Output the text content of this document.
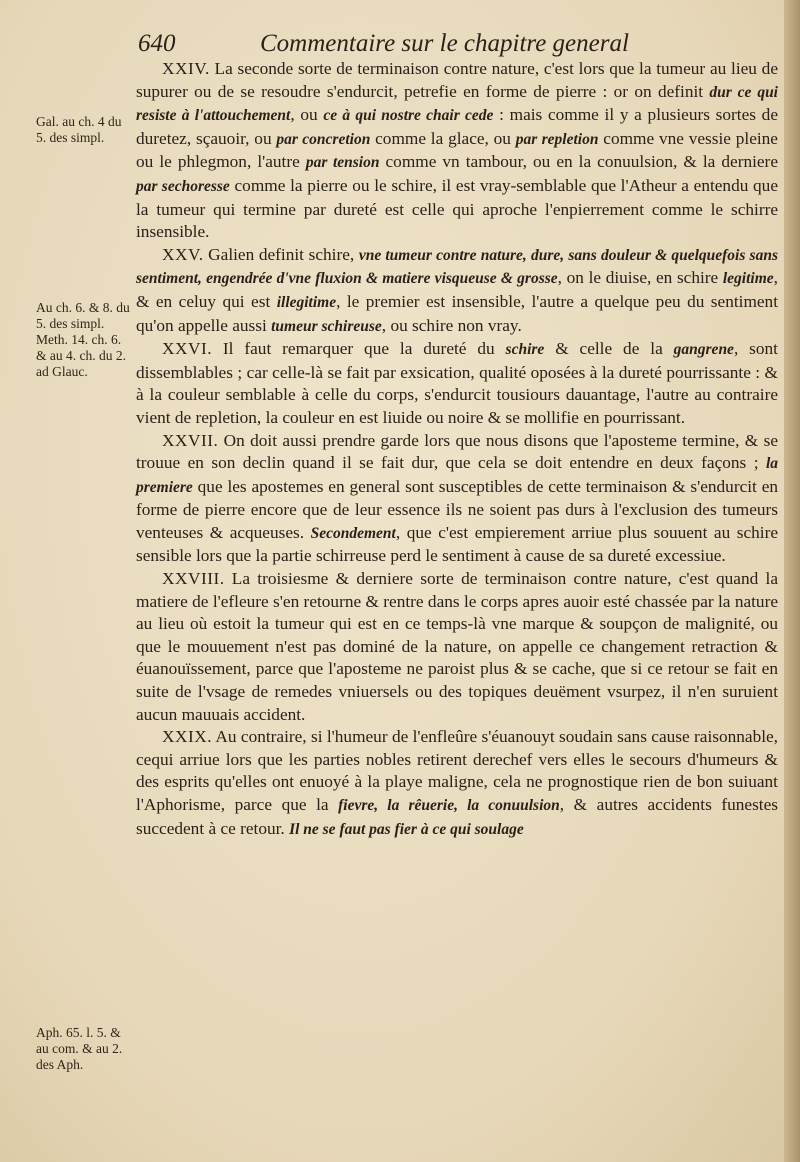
640	Commentaire sur le chapitre general
Gal. au ch. 4 du 5. des simpl.
Au ch. 6. & 8. du 5. des simpl. Meth. 14. ch. 6. & au 4. ch. du 2. ad Glauc.
Aph. 65. l. 5. & au com. & au 2. des Aph.

XXIV. La seconde sorte de terminaison contre nature, c'est lors que la tumeur au lieu de supurer ou de se resoudre s'endurcit, petrefie en forme de pierre : or on definit dur ce qui resiste à l'attouchement, ou ce à qui nostre chair cede : mais comme il y a plusieurs sortes de duretez, sçauoir, ou par concretion comme la glace, ou par repletion comme vne vessie pleine ou le phlegmon, l'autre par tension comme vn tambour, ou en la conuulsion, & la derniere par sechoresse comme la pierre ou le schire, il est vray-semblable que l'Atheur a entendu que la tumeur qui termine par dureté est celle qui aproche l'enpierrement comme le schirre insensible.

XXV. Galien definit schire, vne tumeur contre nature, dure, sans douleur & quelquefois sans sentiment, engendrée d'vne fluxion & matiere visqueuse & grosse, on le diuise, en schire legitime, & en celuy qui est illegitime, le premier est insensible, l'autre a quelque peu du sentiment qu'on appelle aussi tumeur schireuse, ou schire non vray.

XXVI. Il faut remarquer que la dureté du schire & celle de la gangrene, sont dissemblables ; car celle-là se fait par exsication, qualité oposées à la dureté pourrissante : & à la couleur semblable à celle du corps, s'endurcit tousiours dauantage, l'autre au contraire vient de repletion, la couleur en est liuide ou noire & se mollifie en pourrissant.

XXVII. On doit aussi prendre garde lors que nous disons que l'apostеme termine, & se trouue en son declin quand il se fait dur, que cela se doit entendre en deux façons ; la premiere que les apostemes en general sont susceptibles de cette terminaison & s'endurcit en forme de pierre encore que de leur essence ils ne soient pas durs à l'exclusion des tumeurs venteuses & acqueuses. Secondement, que c'est empierement arriue plus souuent au schire sensible lors que la partie schirreuse perd le sentiment à cause de sa dureté excessiue.

XXVIII. La troisiesme & derniere sorte de terminaison contre nature, c'est quand la matiere de l'efleure s'en retourne & rentre dans le corps apres auoir esté chassée par la nature au lieu où estoit la tumeur qui est en ce temps-là vne marque & soupçon de malignité, ou que le mouuement n'est pas dominé de la nature, on appelle ce changement retraction & éuanouïssement, parce que l'aposteme ne paroist plus & se cache, que si ce retour se fait en suite de l'vsage de remedes vniuersels ou des topiques deuëment vsurpez, il n'en suruient aucun mauuais accident.

XXIX. Au contraire, si l'humeur de l'enfleûre s'éuanouyt soudain sans cause raisonnable, cequi arriue lors que les parties nobles retirent derechef vers elles le secours d'humeurs & des esprits qu'elles ont enuoyé à la playe maligne, cela ne prognostique rien de bon suiuant l'Aphorisme, parce que la fievre, la rêuerie, la conuulsion, & autres accidents funestes succedent à ce retour. Il ne se faut pas fier à ce qui soulage
